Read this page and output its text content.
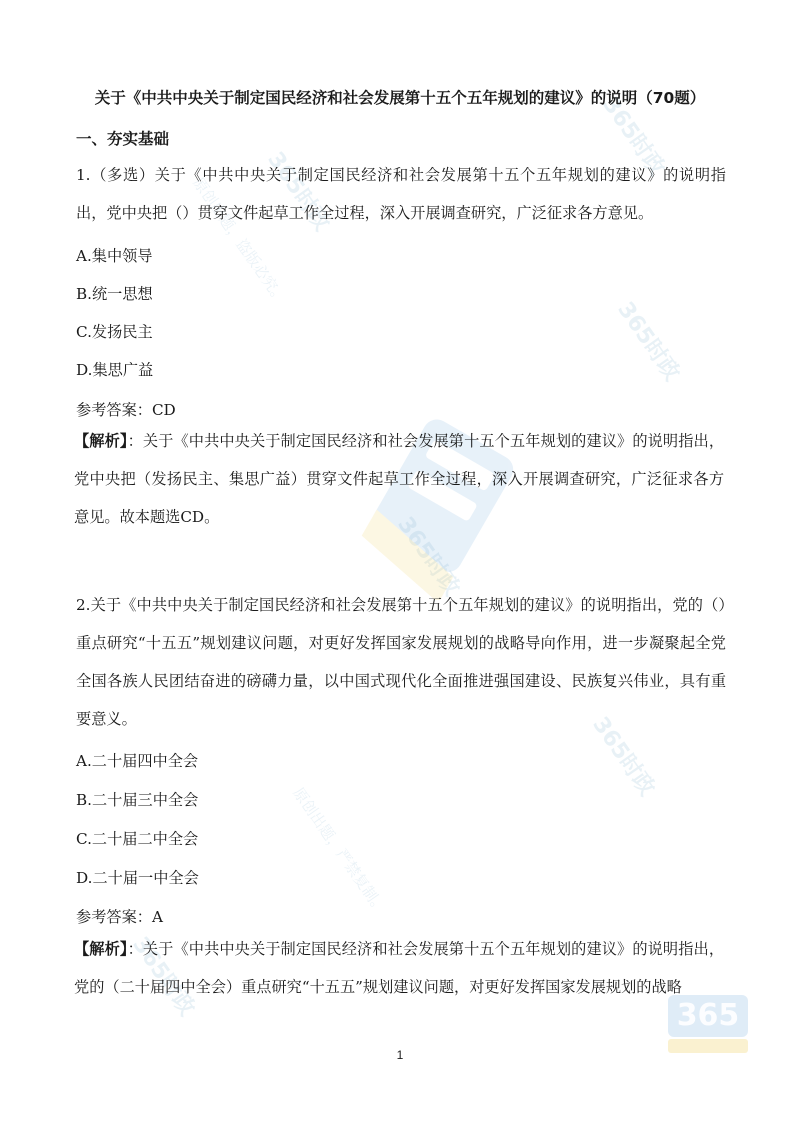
365时政
365时政
365时政
365时政
365时政
365时政
原创出题，盗版必究。
原创出题，严禁复制。
365
关于《中共中央关于制定国民经济和社会发展第十五个五年规划的建议》的说明（70题）
一、夯实基础
1.（多选）关于《中共中央关于制定国民经济和社会发展第十五个五年规划的建议》的说明指出，党中央把（）贯穿文件起草工作全过程，深入开展调查研究，广泛征求各方意见。
A.集中领导
B.统一思想
C.发扬民主
D.集思广益
参考答案：CD
【解析】：关于《中共中央关于制定国民经济和社会发展第十五个五年规划的建议》的说明指出，党中央把（发扬民主、集思广益）贯穿文件起草工作全过程，深入开展调查研究，广泛征求各方意见。故本题选CD。
2.关于《中共中央关于制定国民经济和社会发展第十五个五年规划的建议》的说明指出，党的（）重点研究“十五五”规划建议问题，对更好发挥国家发展规划的战略导向作用，进一步凝聚起全党全国各族人民团结奋进的磅礴力量，以中国式现代化全面推进强国建设、民族复兴伟业，具有重要意义。
A.二十届四中全会
B.二十届三中全会
C.二十届二中全会
D.二十届一中全会
参考答案：A
【解析】：关于《中共中央关于制定国民经济和社会发展第十五个五年规划的建议》的说明指出，党的（二十届四中全会）重点研究“十五五”规划建议问题，对更好发挥国家发展规划的战略
1
